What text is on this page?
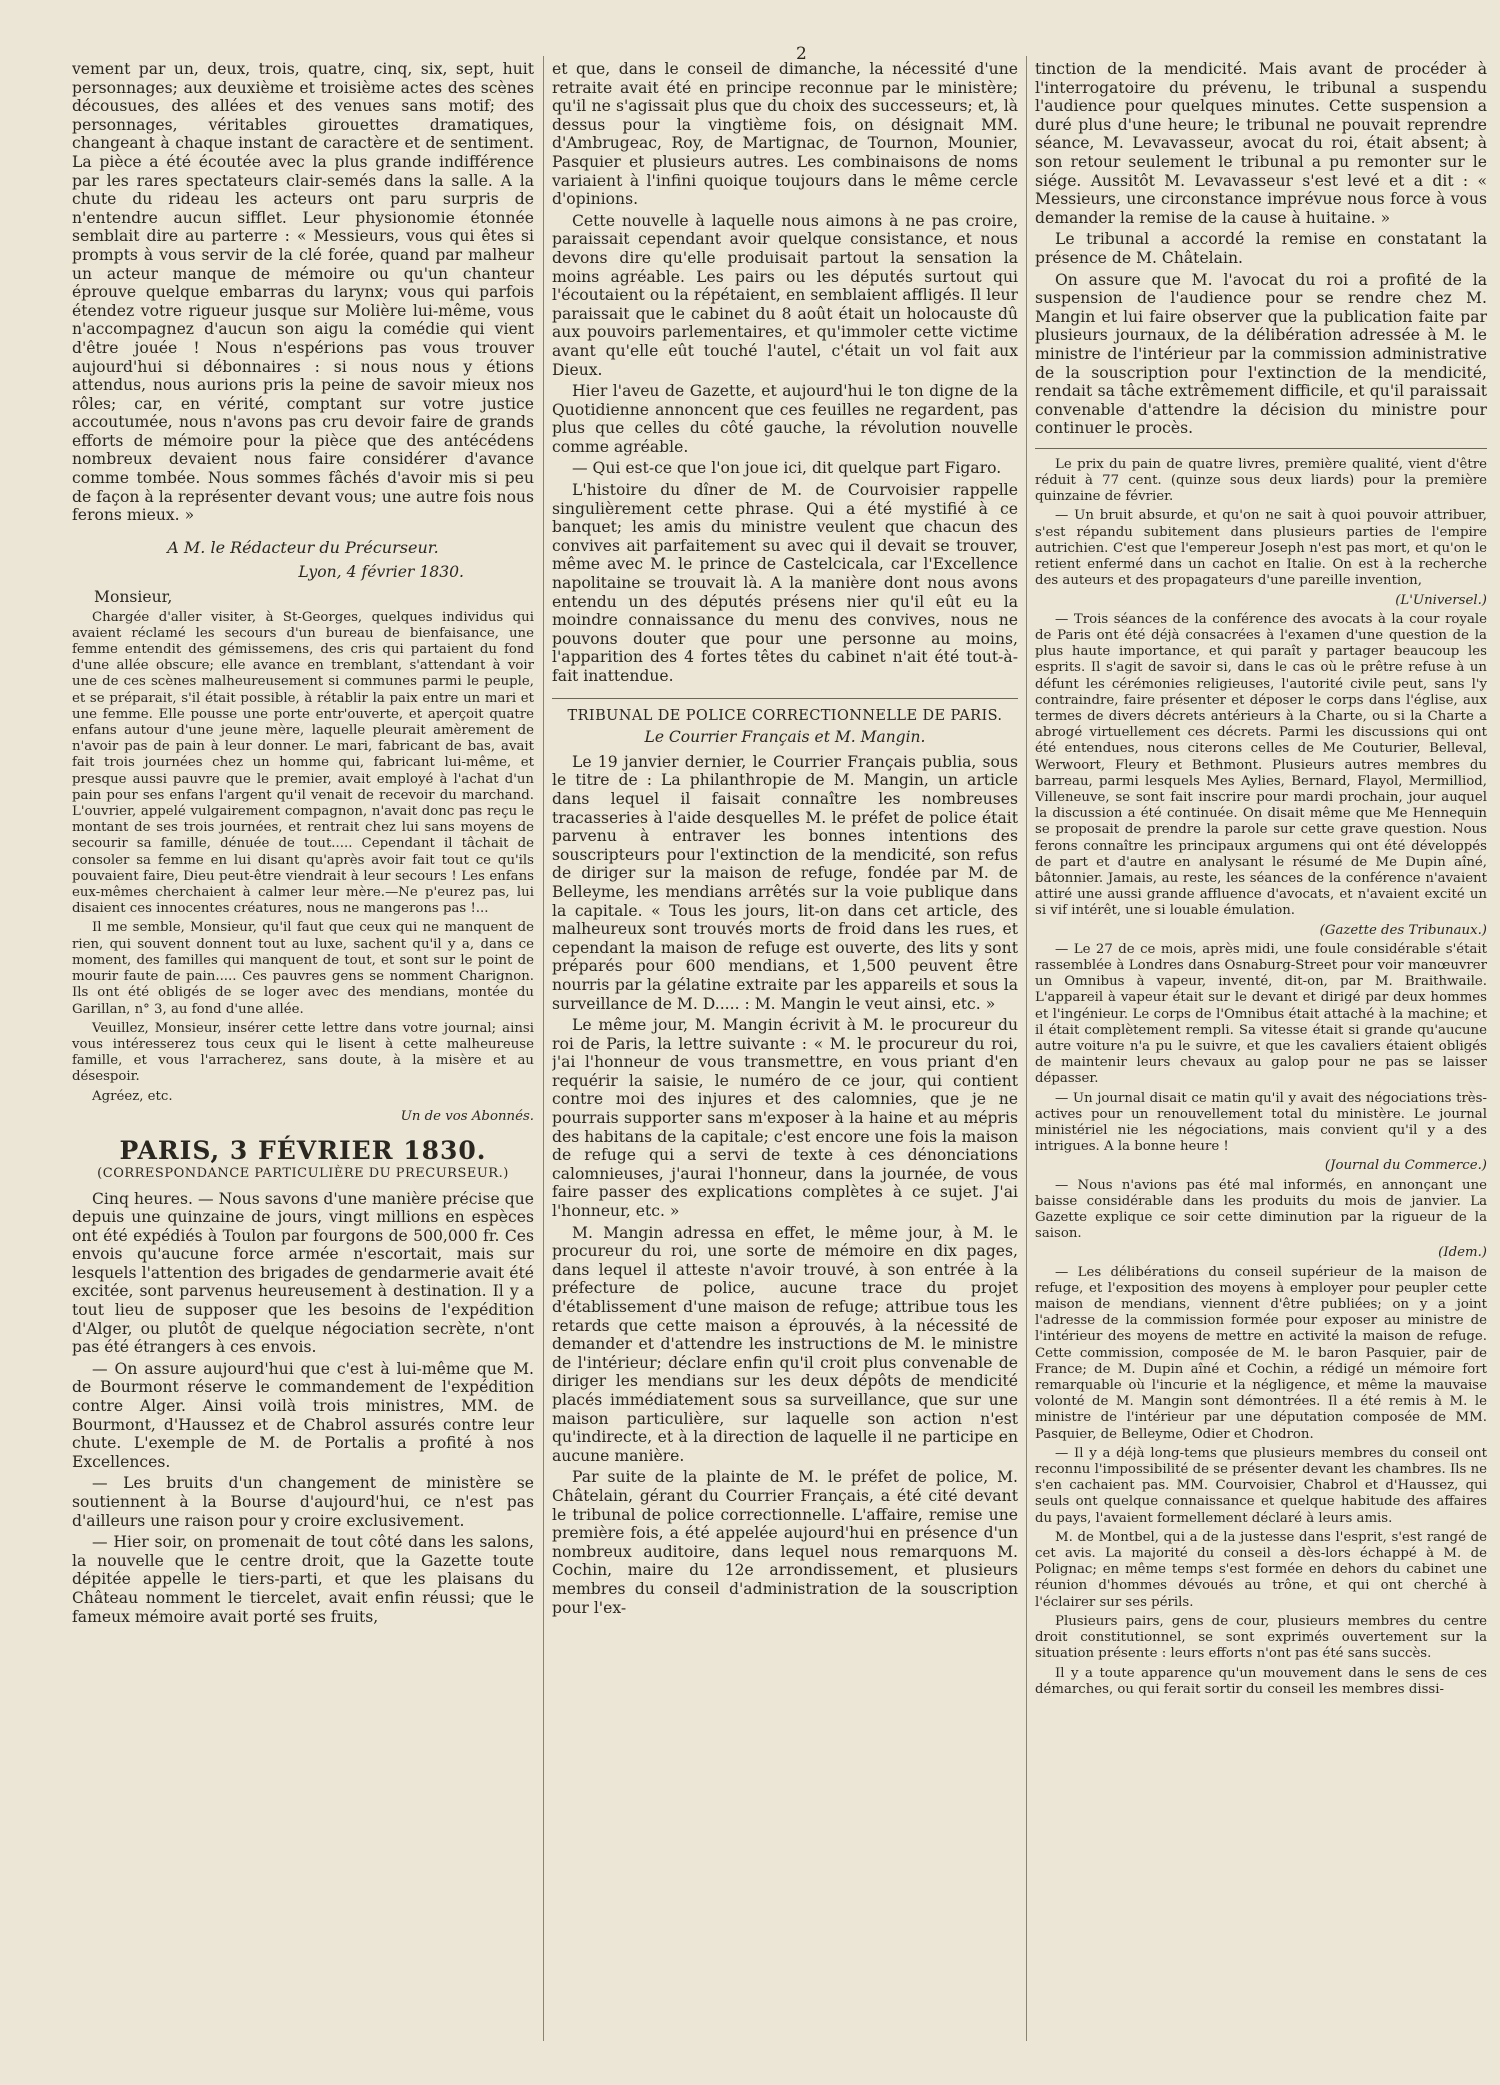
2

vement par un, deux, trois, quatre, cinq, six, sept, huit personnages; aux deuxième et troisième actes des scènes décousues, des allées et des venues sans motif; des personnages, véritables girouettes dramatiques, changeant à chaque instant de caractère et de sentiment. La pièce a été écoutée avec la plus grande indifférence par les rares spectateurs clair-semés dans la salle. A la chute du rideau les acteurs ont paru surpris de n'entendre aucun sifflet. Leur physionomie étonnée semblait dire au parterre : « Messieurs, vous qui êtes si prompts à vous servir de la clé forée, quand par malheur un acteur manque de mémoire ou qu'un chanteur éprouve quelque embarras du larynx; vous qui parfois étendez votre rigueur jusque sur Molière lui-même, vous n'accompagnez d'aucun son aigu la comédie qui vient d'être jouée ! Nous n'espérions pas vous trouver aujourd'hui si débonnaires : si nous nous y étions attendus, nous aurions pris la peine de savoir mieux nos rôles; car, en vérité, comptant sur votre justice accoutumée, nous n'avons pas cru devoir faire de grands efforts de mémoire pour la pièce que des antécédens nombreux devaient nous faire considérer d'avance comme tombée. Nous sommes fâchés d'avoir mis si peu de façon à la représenter devant vous; une autre fois nous ferons mieux. »

A M. le Rédacteur du Précurseur.
Lyon, 4 février 1830.

Monsieur,

Chargée d'aller visiter, à St-Georges, quelques individus qui avaient réclamé les secours d'un bureau de bienfaisance, une femme entendit des gémissemens, des cris qui partaient du fond d'une allée obscure; elle avance en tremblant, s'attendant à voir une de ces scènes malheureusement si communes parmi le peuple, et se préparait, s'il était possible, à rétablir la paix entre un mari et une femme. Elle pousse une porte entr'ouverte, et aperçoit quatre enfans autour d'une jeune mère, laquelle pleurait amèrement de n'avoir pas de pain à leur donner. Le mari, fabricant de bas, avait fait trois journées chez un homme qui, fabricant lui-même, et presque aussi pauvre que le premier, avait employé à l'achat d'un pain pour ses enfans l'argent qu'il venait de recevoir du marchand. L'ouvrier, appelé vulgairement compagnon, n'avait donc pas reçu le montant de ses trois journées, et rentrait chez lui sans moyens de secourir sa famille, dénuée de tout..... Cependant il tâchait de consoler sa femme en lui disant qu'après avoir fait tout ce qu'ils pouvaient faire, Dieu peut-être viendrait à leur secours ! Les enfans eux-mêmes cherchaient à calmer leur mère.—Ne p'eurez pas, lui disaient ces innocentes créatures, nous ne mangerons pas !...

Il me semble, Monsieur, qu'il faut que ceux qui ne manquent de rien, qui souvent donnent tout au luxe, sachent qu'il y a, dans ce moment, des familles qui manquent de tout, et sont sur le point de mourir faute de pain..... Ces pauvres gens se nomment Charignon. Ils ont été obligés de se loger avec des mendians, montée du Garillan, n° 3, au fond d'une allée.

Veuillez, Monsieur, insérer cette lettre dans votre journal; ainsi vous intéresserez tous ceux qui le lisent à cette malheureuse famille, et vous l'arracherez, sans doute, à la misère et au désespoir.

Agréez, etc.

Un de vos Abonnés.

PARIS, 3 FÉVRIER 1830.
(CORRESPONDANCE PARTICULIÈRE DU PRECURSEUR.)

Cinq heures. — Nous savons d'une manière précise que depuis une quinzaine de jours, vingt millions en espèces ont été expédiés à Toulon par fourgons de 500,000 fr. Ces envois qu'aucune force armée n'escortait, mais sur lesquels l'attention des brigades de gendarmerie avait été excitée, sont parvenus heureusement à destination. Il y a tout lieu de supposer que les besoins de l'expédition d'Alger, ou plutôt de quelque négociation secrète, n'ont pas été étrangers à ces envois.

— On assure aujourd'hui que c'est à lui-même que M. de Bourmont réserve le commandement de l'expédition contre Alger. Ainsi voilà trois ministres, MM. de Bourmont, d'Haussez et de Chabrol assurés contre leur chute. L'exemple de M. de Portalis a profité à nos Excellences.

— Les bruits d'un changement de ministère se soutiennent à la Bourse d'aujourd'hui, ce n'est pas d'ailleurs une raison pour y croire exclusivement.

— Hier soir, on promenait de tout côté dans les salons, la nouvelle que le centre droit, que la Gazette toute dépitée appelle le tiers-parti, et que les plaisans du Château nomment le tiercelet, avait enfin réussi; que le fameux mémoire avait porté ses fruits,

et que, dans le conseil de dimanche, la nécessité d'une retraite avait été en principe reconnue par le ministère; qu'il ne s'agissait plus que du choix des successeurs; et, là dessus pour la vingtième fois, on désignait MM. d'Ambrugeac, Roy, de Martignac, de Tournon, Mounier, Pasquier et plusieurs autres. Les combinaisons de noms variaient à l'infini quoique toujours dans le même cercle d'opinions.

Cette nouvelle à laquelle nous aimons à ne pas croire, paraissait cependant avoir quelque consistance, et nous devons dire qu'elle produisait partout la sensation la moins agréable. Les pairs ou les députés surtout qui l'écoutaient ou la répétaient, en semblaient affligés. Il leur paraissait que le cabinet du 8 août était un holocauste dû aux pouvoirs parlementaires, et qu'immoler cette victime avant qu'elle eût touché l'autel, c'était un vol fait aux Dieux.

Hier l'aveu de Gazette, et aujourd'hui le ton digne de la Quotidienne annoncent que ces feuilles ne regardent, pas plus que celles du côté gauche, la révolution nouvelle comme agréable.

— Qui est-ce que l'on joue ici, dit quelque part Figaro.

L'histoire du dîner de M. de Courvoisier rappelle singulièrement cette phrase. Qui a été mystifié à ce banquet; les amis du ministre veulent que chacun des convives ait parfaitement su avec qui il devait se trouver, même avec M. le prince de Castelcicala, car l'Excellence napolitaine se trouvait là. A la manière dont nous avons entendu un des députés présens nier qu'il eût eu la moindre connaissance du menu des convives, nous ne pouvons douter que pour une personne au moins, l'apparition des 4 fortes têtes du cabinet n'ait été tout-à-fait inattendue.

TRIBUNAL DE POLICE CORRECTIONNELLE DE PARIS.
Le Courrier Français et M. Mangin.

Le 19 janvier dernier, le Courrier Français publia, sous le titre de : La philanthropie de M. Mangin, un article dans lequel il faisait connaître les nombreuses tracasseries à l'aide desquelles M. le préfet de police était parvenu à entraver les bonnes intentions des souscripteurs pour l'extinction de la mendicité, son refus de diriger sur la maison de refuge, fondée par M. de Belleyme, les mendians arrêtés sur la voie publique dans la capitale. « Tous les jours, lit-on dans cet article, des malheureux sont trouvés morts de froid dans les rues, et cependant la maison de refuge est ouverte, des lits y sont préparés pour 600 mendians, et 1,500 peuvent être nourris par la gélatine extraite par les appareils et sous la surveillance de M. D..... : M. Mangin le veut ainsi, etc. »

Le même jour, M. Mangin écrivit à M. le procureur du roi de Paris, la lettre suivante : « M. le procureur du roi, j'ai l'honneur de vous transmettre, en vous priant d'en requérir la saisie, le numéro de ce jour, qui contient contre moi des injures et des calomnies, que je ne pourrais supporter sans m'exposer à la haine et au mépris des habitans de la capitale; c'est encore une fois la maison de refuge qui a servi de texte à ces dénonciations calomnieuses, j'aurai l'honneur, dans la journée, de vous faire passer des explications complètes à ce sujet. J'ai l'honneur, etc. »

M. Mangin adressa en effet, le même jour, à M. le procureur du roi, une sorte de mémoire en dix pages, dans lequel il atteste n'avoir trouvé, à son entrée à la préfecture de police, aucune trace du projet d'établissement d'une maison de refuge; attribue tous les retards que cette maison a éprouvés, à la nécessité de demander et d'attendre les instructions de M. le ministre de l'intérieur; déclare enfin qu'il croit plus convenable de diriger les mendians sur les deux dépôts de mendicité placés immédiatement sous sa surveillance, que sur une maison particulière, sur laquelle son action n'est qu'indirecte, et à la direction de laquelle il ne participe en aucune manière.

Par suite de la plainte de M. le préfet de police, M. Châtelain, gérant du Courrier Français, a été cité devant le tribunal de police correctionnelle. L'affaire, remise une première fois, a été appelée aujourd'hui en présence d'un nombreux auditoire, dans lequel nous remarquons M. Cochin, maire du 12e arrondissement, et plusieurs membres du conseil d'administration de la souscription pour l'ex-

tinction de la mendicité. Mais avant de procéder à l'interrogatoire du prévenu, le tribunal a suspendu l'audience pour quelques minutes. Cette suspension a duré plus d'une heure; le tribunal ne pouvait reprendre séance, M. Levavasseur, avocat du roi, était absent; à son retour seulement le tribunal a pu remonter sur le siége. Aussitôt M. Levavasseur s'est levé et a dit : « Messieurs, une circonstance imprévue nous force à vous demander la remise de la cause à huitaine. »

Le tribunal a accordé la remise en constatant la présence de M. Châtelain.

On assure que M. l'avocat du roi a profité de la suspension de l'audience pour se rendre chez M. Mangin et lui faire observer que la publication faite par plusieurs journaux, de la délibération adressée à M. le ministre de l'intérieur par la commission administrative de la souscription pour l'extinction de la mendicité, rendait sa tâche extrêmement difficile, et qu'il paraissait convenable d'attendre la décision du ministre pour continuer le procès.

Le prix du pain de quatre livres, première qualité, vient d'être réduit à 77 cent. (quinze sous deux liards) pour la première quinzaine de février.

— Un bruit absurde, et qu'on ne sait à quoi pouvoir attribuer, s'est répandu subitement dans plusieurs parties de l'empire autrichien. C'est que l'empereur Joseph n'est pas mort, et qu'on le retient enfermé dans un cachot en Italie. On est à la recherche des auteurs et des propagateurs d'une pareille invention,

(L'Universel.)

— Trois séances de la conférence des avocats à la cour royale de Paris ont été déjà consacrées à l'examen d'une question de la plus haute importance, et qui paraît y partager beaucoup les esprits. Il s'agit de savoir si, dans le cas où le prêtre refuse à un défunt les cérémonies religieuses, l'autorité civile peut, sans l'y contraindre, faire présenter et déposer le corps dans l'église, aux termes de divers décrets antérieurs à la Charte, ou si la Charte a abrogé virtuellement ces décrets. Parmi les discussions qui ont été entendues, nous citerons celles de Me Couturier, Belleval, Werwoort, Fleury et Bethmont. Plusieurs autres membres du barreau, parmi lesquels Mes Aylies, Bernard, Flayol, Mermilliod, Villeneuve, se sont fait inscrire pour mardi prochain, jour auquel la discussion a été continuée. On disait même que Me Hennequin se proposait de prendre la parole sur cette grave question. Nous ferons connaître les principaux argumens qui ont été développés de part et d'autre en analysant le résumé de Me Dupin aîné, bâtonnier. Jamais, au reste, les séances de la conférence n'avaient attiré une aussi grande affluence d'avocats, et n'avaient excité un si vif intérêt, une si louable émulation.

(Gazette des Tribunaux.)

— Le 27 de ce mois, après midi, une foule considérable s'était rassemblée à Londres dans Osnaburg-Street pour voir manœuvrer un Omnibus à vapeur, inventé, dit-on, par M. Braithwaile. L'appareil à vapeur était sur le devant et dirigé par deux hommes et l'ingénieur. Le corps de l'Omnibus était attaché à la machine; et il était complètement rempli. Sa vitesse était si grande qu'aucune autre voiture n'a pu le suivre, et que les cavaliers étaient obligés de maintenir leurs chevaux au galop pour ne pas se laisser dépasser.

— Un journal disait ce matin qu'il y avait des négociations très-actives pour un renouvellement total du ministère. Le journal ministériel nie les négociations, mais convient qu'il y a des intrigues. A la bonne heure !

(Journal du Commerce.)

— Nous n'avions pas été mal informés, en annonçant une baisse considérable dans les produits du mois de janvier. La Gazette explique ce soir cette diminution par la rigueur de la saison.

(Idem.)

— Les délibérations du conseil supérieur de la maison de refuge, et l'exposition des moyens à employer pour peupler cette maison de mendians, viennent d'être publiées; on y a joint l'adresse de la commission formée pour exposer au ministre de l'intérieur des moyens de mettre en activité la maison de refuge. Cette commission, composée de M. le baron Pasquier, pair de France; de M. Dupin aîné et Cochin, a rédigé un mémoire fort remarquable où l'incurie et la négligence, et même la mauvaise volonté de M. Mangin sont démontrées. Il a été remis à M. le ministre de l'intérieur par une députation composée de MM. Pasquier, de Belleyme, Odier et Chodron.

— Il y a déjà long-tems que plusieurs membres du conseil ont reconnu l'impossibilité de se présenter devant les chambres. Ils ne s'en cachaient pas. MM. Courvoisier, Chabrol et d'Haussez, qui seuls ont quelque connaissance et quelque habitude des affaires du pays, l'avaient formellement déclaré à leurs amis.

M. de Montbel, qui a de la justesse dans l'esprit, s'est rangé de cet avis. La majorité du conseil a dès-lors échappé à M. de Polignac; en même temps s'est formée en dehors du cabinet une réunion d'hommes dévoués au trône, et qui ont cherché à l'éclairer sur ses périls.

Plusieurs pairs, gens de cour, plusieurs membres du centre droit constitutionnel, se sont exprimés ouvertement sur la situation présente : leurs efforts n'ont pas été sans succès.

Il y a toute apparence qu'un mouvement dans le sens de ces démarches, ou qui ferait sortir du conseil les membres dissi-
